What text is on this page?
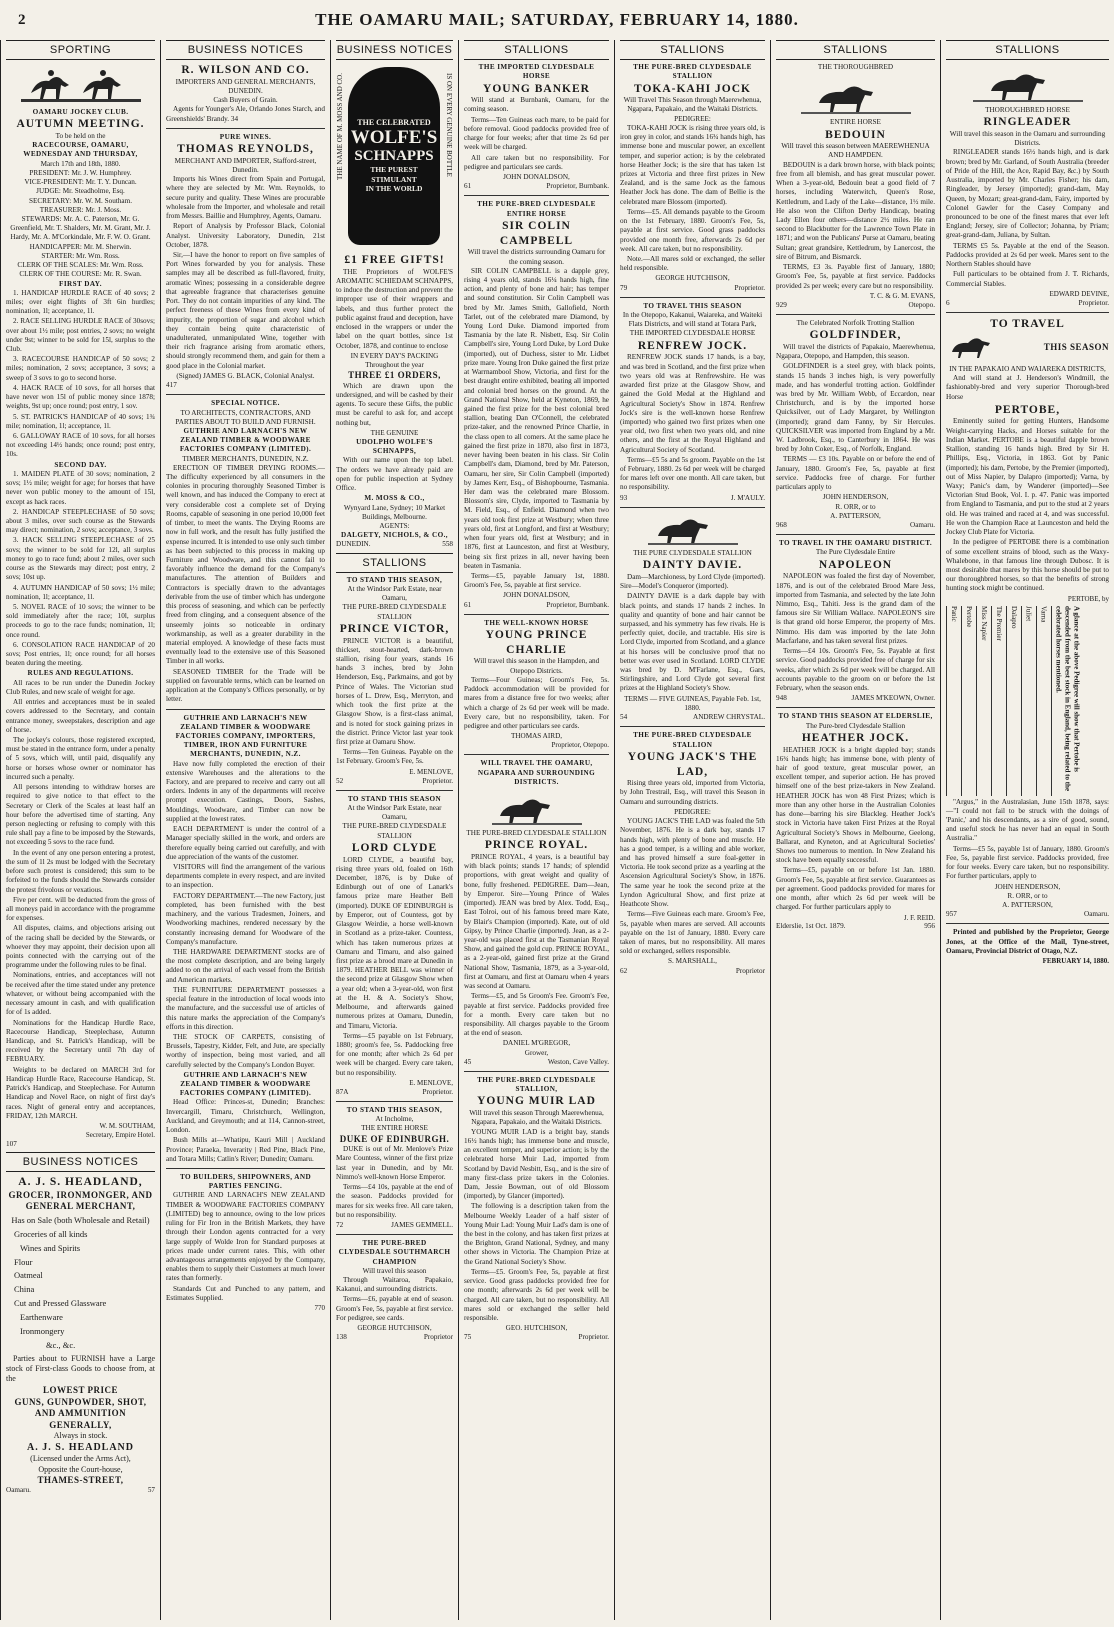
2	THE OAMARU MAIL; SATURDAY, FEBRUARY 14, 1880.
SPORTING
OAMARU JOCKEY CLUB.
AUTUMN MEETING.
To be held on the
RACECOURSE, OAMARU,
WEDNESDAY AND THURSDAY,
March 17th and 18th, 1880.
PRESIDENT: Mr. J. W. Humphrey.
VICE-PRESIDENT: Mr. T. Y. Duncan.
JUDGE: Mr. Steadholme, Esq.
SECRETARY: Mr. W. M. Southam.
TREASURER: Mr. J. Moss.
STEWARDS: Mr. A. C. Paterson, Mr. G. Greenfield, Mr. T. Shalders, Mr. M. Grant, Mr. J. Hardy, Mr. A. M'Corkindale, Mr. F. W. O. Grant.
HANDICAPPER: Mr. M. Sherwin.
STARTER: Mr. Wm. Ross.
CLERK OF THE SCALES: Mr. Wm. Ross.
CLERK OF THE COURSE: Mr. R. Swan.
FIRST DAY.

1. HANDICAP HURDLE RACE of 40 sovs; 2 miles; over eight flights of 3ft 6in hurdles; nomination, 1l; acceptance, 1l.

2. RACE SELLING HURDLE RACE of 30sovs; over about 1½ mile; post entries, 2 sovs; no weight under 9st; winner to be sold for 15l, surplus to the Club.

3. RACECOURSE HANDICAP of 50 sovs; 2 miles; nomination, 2 sovs; acceptance, 3 sovs; a sweep of 3 sovs to go to second horse.

4. HACK RACE of 10 sovs, for all horses that have never won 15l of public money since 1878; weights, 9st up; once round; post entry, 1 sov.

5. ST. PATRICK'S HANDICAP of 40 sovs; 1¾ mile; nomination, 1l; acceptance, 1l.

6. GALLOWAY RACE of 10 sovs, for all horses not exceeding 14½ hands; once round; post entry, 10s.

SECOND DAY.

1. MAIDEN PLATE of 30 sovs; nomination, 2 sovs; 1½ mile; weight for age; for horses that have never won public money to the amount of 15l, except as hack races.

2. HANDICAP STEEPLECHASE of 50 sovs; about 3 miles, over such course as the Stewards may direct; nomination, 2 sovs; acceptance, 3 sovs.

3. HACK SELLING STEEPLECHASE of 25 sovs; the winner to be sold for 12l, all surplus money to go to race fund; about 2 miles, over such course as the Stewards may direct; post entry, 2 sovs; 10st up.

4. AUTUMN HANDICAP of 50 sovs; 1½ mile; nomination, 1l; acceptance, 1l.

5. NOVEL RACE of 10 sovs; the winner to be sold immediately after the race; 10l, surplus proceeds to go to the race funds; nomination, 1l; once round.

6. CONSOLATION RACE HANDICAP of 20 sovs; Post entries, 1l; once round; for all horses beaten during the meeting.

RULES AND REGULATIONS.

All races to be run under the Dunedin Jockey Club Rules, and new scale of weight for age.

All entries and acceptances must be in sealed covers addressed to the Secretary, and contain entrance money, sweepstakes, description and age of horse.

The jockey's colours, those registered excepted, must be stated in the entrance form, under a penalty of 5 sovs, which will, until paid, disqualify any horse or horses whose owner or nominator has incurred such a penalty.

All persons intending to withdraw horses are required to give notice to that effect to the Secretary or Clerk of the Scales at least half an hour before the advertised time of starting. Any person neglecting or refusing to comply with this rule shall pay a fine to be imposed by the Stewards, not exceeding 5 sovs to the race fund.

In the event of any one person entering a protest, the sum of 1l 2s must be lodged with the Secretary before such protest is considered; this sum to be forfeited to the funds should the Stewards consider the protest frivolous or vexatious.

Five per cent. will be deducted from the gross of all moneys paid in accordance with the programme for expenses.

All disputes, claims, and objections arising out of the racing shall be decided by the Stewards, or whoever they may appoint, their decision upon all points connected with the carrying out of the programme under the following rules to be final.

Nominations, entries, and acceptances will not be received after the time stated under any pretence whatever, or without being accompanied with the necessary amount in cash, and with qualification for of 1s added.

Nominations for the Handicap Hurdle Race, Racecourse Handicap, Steeplechase, Autumn Handicap, and St. Patrick's Handicap, will be received by the Secretary until 7th day of FEBRUARY.

Weights to be declared on MARCH 3rd for Handicap Hurdle Race, Racecourse Handicap, St. Patrick's Handicap, and Steeplechase. For Autumn Handicap and Novel Race, on night of first day's races. Night of general entry and acceptances, FRIDAY, 12th MARCH.

W. M. SOUTHAM,
Secretary, Empire Hotel.
107
BUSINESS NOTICES
A. J. S. HEADLAND,
GROCER, IRONMONGER, AND GENERAL MERCHANT,
Has on Sale (both Wholesale and Retail)
Groceries of all kinds
Wines and Spirits
Flour
Oatmeal
China
Cut and Pressed Glassware
Earthenware
Ironmongery
&c., &c.

Parties about to FURNISH have a Large stock of First-class Goods to choose from, at the

LOWEST PRICE
GUNS, GUNPOWDER, SHOT, AND AMMUNITION GENERALLY,
Always in stock.
A. J. S. HEADLAND
(Licensed under the Arms Act),
Opposite the Court-house,
THAMES-STREET,
Oamaru.	57
BUSINESS NOTICES
R. WILSON AND CO.
IMPORTERS AND GENERAL MERCHANTS, DUNEDIN.
Cash Buyers of Grain.

Agents for Younger's Ale, Orlando Jones Starch, and Greenshields' Brandy. 34

PURE WINES.
THOMAS REYNOLDS,
MERCHANT AND IMPORTER, Stafford-street, Dunedin.

Imports his Wines direct from Spain and Portugal, where they are selected by Mr. Wm. Reynolds, to secure purity and quality. These Wines are procurable wholesale from the Importer, and wholesale and retail from Messrs. Baillie and Humphrey, Agents, Oamaru.

Report of Analysis by Professor Black, Colonial Analyst. University Laboratory, Dunedin, 21st October, 1878.

Sir,—I have the honor to report on five samples of Port Wines forwarded by you for analysis. These samples may all be described as full-flavored, fruity, aromatic Wines; possessing in a considerable degree that agreeable fragrance that characterises genuine Port. They do not contain impurities of any kind. The perfect freeness of these Wines from every kind of impurity, the proportion of sugar and alcohol which they contain being quite characteristic of unadulterated, unmanipulated Wine, together with their rich fragrance arising from aromatic ethers, should strongly recommend them, and gain for them a good place in the Colonial market.

(Signed) JAMES G. BLACK, Colonial Analyst.
417
SPECIAL NOTICE.
TO ARCHITECTS, CONTRACTORS, AND PARTIES ABOUT TO BUILD AND FURNISH.
GUTHRIE AND LARNACH'S NEW ZEALAND TIMBER & WOODWARE FACTORIES COMPANY (LIMITED).
TIMBER MERCHANTS, DUNEDIN, N.Z.

ERECTION OF TIMBER DRYING ROOMS.—The difficulty experienced by all consumers in the colonies in procuring thoroughly Seasoned Timber is well known, and has induced the Company to erect at very considerable cost a complete set of Drying Rooms, capable of seasoning in one period 10,000 feet of timber, to meet the wants. The Drying Rooms are now in full work, and the result has fully justified the expense incurred. It is intended to use only such timber as has been subjected to this process in making up Furniture and Woodware, and this cannot fail to favorably influence the demand for the Company's manufactures. The attention of Builders and Contractors is specially drawn to the advantages derivable from the use of timber which has undergone this process of seasoning, and which can be perfectly freed from clinging, and a consequent absence of the unseemly joints so noticeable in ordinary workmanship, as well as a greater durability in the material employed. A knowledge of these facts must eventually lead to the extensive use of this Seasoned Timber in all works.

SEASONED TIMBER for the Trade will be supplied on favourable terms, which can be learned on application at the Company's Offices personally, or by letter.

GUTHRIE AND LARNACH'S NEW ZEALAND TIMBER & WOODWARE FACTORIES COMPANY, IMPORTERS, TIMBER, IRON AND FURNITURE MERCHANTS, DUNEDIN, N.Z.

Have now fully completed the erection of their extensive Warehouses and the alterations to the Factory, and are prepared to receive and carry out all orders. Indents in any of the departments will receive prompt execution. Castings, Doors, Sashes, Mouldings, Woodware, and Timber can now be supplied at the lowest rates.

EACH DEPARTMENT is under the control of a Manager specially skilled in the work, and orders are therefore equally being carried out carefully, and with due appreciation of the wants of the customer.

VISITORS will find the arrangement of the various departments complete in every respect, and are invited to an inspection.

FACTORY DEPARTMENT.—The new Factory, just completed, has been furnished with the best machinery, and the various Tradesmen, Joiners, and Woodworking machines, rendered necessary by the constantly increasing demand for Woodware of the Company's manufacture.

THE HARDWARE DEPARTMENT stocks are of the most complete description, and are being largely added to on the arrival of each vessel from the British and American markets.

THE FURNITURE DEPARTMENT possesses a special feature in the introduction of local woods into the manufacture, and the successful use of articles of this nature marks the appreciation of the Company's efforts in this direction.

THE STOCK OF CARPETS, consisting of Brussels, Tapestry, Kidder, Felt, and Jute, are specially worthy of inspection, being most varied, and all carefully selected by the Company's London Buyer.

GUTHRIE AND LARNACH'S NEW ZEALAND TIMBER & WOODWARE FACTORIES COMPANY (LIMITED).

Head Office: Princes-st, Dunedin; Branches: Invercargill, Timaru, Christchurch, Wellington, Auckland, and Greymouth; and at 114, Cannon-street, London.

Bush Mills at—Whatipu, Kauri Mill | Auckland Province; Paraeka, Inverarity | Red Pine, Black Pine, and Totara Mills; Catlin's River; Dunedin; Oamaru.

TO BUILDERS, SHIPOWNERS, AND PARTIES FENCING.

GUTHRIE AND LARNACH'S NEW ZEALAND TIMBER & WOODWARE FACTORIES COMPANY (LIMITED) beg to announce, owing to the low prices ruling for Fir Iron in the British Markets, they have through their London agents contracted for a very large supply of Wolde Iron for Standard purposes at prices made under current rates. This, with other advantageous arrangements enjoyed by the Company, enables them to supply their Customers at much lower rates than formerly.

Standards Cut and Punched to any pattern, and Estimates Supplied.

770
BUSINESS NOTICES
THE NAME OF M. MOSS AND CO.	IS ON EVERY GENUINE BOTTLE
THE CELEBRATED
WOLFE'S
SCHNAPPS
THE PUREST STIMULANT
IN THE WORLD
£1 FREE GIFTS!

THE Proprietors of WOLFE'S AROMATIC SCHIEDAM SCHNAPPS, to induce the destruction and prevent the improper use of their wrappers and labels, and thus further protect the public against fraud and deception, have enclosed in the wrappers or under the label on the quart bottles, since 1st October, 1878, and continue to enclose

IN EVERY DAY'S PACKING
Throughout the year
THREE £1 ORDERS,

Which are drawn upon the undersigned, and will be cashed by their agents. To secure these Gifts, the public must be careful to ask for, and accept nothing but,

THE GENUINE
UDOLPHO WOLFE'S SCHNAPPS,

With our name upon the top label. The orders we have already paid are open for public inspection at Sydney Office.

M. MOSS & CO.,
Wynyard Lane, Sydney; 10 Market Buildings, Melbourne.
AGENTS:
DALGETY, NICHOLS, & CO.,
DUNEDIN.	558
STALLIONS
TO STAND THIS SEASON,
At the Windsor Park Estate, near Oamaru,
THE PURE-BRED CLYDESDALE STALLION
PRINCE VICTOR,

PRINCE VICTOR is a beautiful, thickset, stout-hearted, dark-brown stallion, rising four years, stands 16 hands 3 inches, bred by John Henderson, Esq., Parkmains, and got by Prince of Wales. The Victorian stud horses of L. Drew, Esq., Merryton, and which took the first prize at the Glasgow Show, is a first-class animal, and is noted for stock gaining prizes in the district. Prince Victor last year took first prize at Oamaru Show.

Terms—Ten Guineas. Payable on the 1st February. Groom's Fee, 5s.

E. MENLOVE,
52	Proprietor.
TO STAND THIS SEASON
At the Windsor Park Estate, near Oamaru,
THE PURE-BRED CLYDESDALE STALLION
LORD CLYDE

LORD CLYDE, a beautiful bay, rising three years old, foaled on 16th December, 1876, is by Duke of Edinburgh out of one of Lanark's famous prize mare Heather Bell (imported). DUKE OF EDINBURGH is by Emperor, out of Countess, got by Glasgow Weirdie, a horse well-known in Scotland as a prize-taker. Countess, which has taken numerous prizes at Oamaru and Timaru, and also gained first prize as a brood mare at Dunedin in 1879. HEATHER BELL was winner of the second prize at Glasgow Show when a year old; when a 3-year-old, won first at the H. & A. Society's Show, Melbourne, and afterwards gained numerous prizes at Oamaru, Dunedin, and Timaru, Victoria.

Terms—£5 payable on 1st February, 1880; groom's fee, 5s. Paddocking free for one month; after which 2s 6d per week will be charged. Every care taken, but no responsibility.

E. MENLOVE,
87A	Proprietor.
TO STAND THIS SEASON,
At Incholme,
THE ENTIRE HORSE
DUKE OF EDINBURGH.

DUKE is out of Mr. Menlove's Prize Mare Countess, winner of the first prize last year in Dunedin, and by Mr. Nimmo's well-known Horse Emperor.

Terms—£4 10s, payable at the end of the season. Paddocks provided for mares for six weeks free. All care taken, but no responsibility.

72	JAMES GEMMELL.
THE PURE-BRED CLYDESDALE SOUTHMARCH CHAMPION
Will travel this season

Through Waitaroa, Papakaio, Kakanui, and surrounding districts.

Terms—£6, payable at end of season. Groom's Fee, 5s, payable at first service. For pedigree, see cards.

GEORGE HUTCHISON,
138	Proprietor
STALLIONS
THE IMPORTED CLYDESDALE HORSE
YOUNG BANKER

Will stand at Burnbank, Oamaru, for the coming season.

Terms—Ten Guineas each mare, to be paid for before removal. Good paddocks provided free of charge for four weeks; after that time 2s 6d per week will be charged.

All care taken but no responsibility. For pedigree and particulars see cards.

JOHN DONALDSON,
61	Proprietor, Burnbank.
THE PURE-BRED CLYDESDALE ENTIRE HORSE
SIR COLIN CAMPBELL
Will travel the districts surrounding Oamaru for the coming season.

SIR COLIN CAMPBELL is a dapple grey, rising 4 years old, stands 16¼ hands high, fine action, and plenty of bone and hair; has temper and sound constitution. Sir Colin Campbell was bred by Mr. James Smith, Gallofield, North Tarlet, out of the celebrated mare Diamond, by Young Lord Duke. Diamond imported from Tasmania by the late R. Nisbett, Esq. Sir Colin Campbell's sire, Young Lord Duke, by Lord Duke (imported), out of Duchess, sister to Mr. Lidbet prize mare. Young Iron Duke gained the first prize at Warrnambool Show, Victoria, and first for the best draught entire exhibited, beating all imported and colonial bred horses on the ground. At the Grand National Show, held at Kyneton, 1869, he gained the first prize for the best colonial bred stallion, beating Dan O'Connell, the celebrated prize-taker, and the renowned Prince Charlie, in the class open to all comers. At the same place he gained the first prize in 1870, also first in 1873, never having been beaten in his class. Sir Colin Campbell's dam, Diamond, bred by Mr. Paterson, Oamaru, her sire, Sir Colin Campbell (imported) by James Kerr, Esq., of Bishopbourne, Tasmania. Her dam was the celebrated mare Blossom. Blossom's sire, Clyde, imported to Tasmania by M. Field, Esq., of Enfield. Diamond when two years old took first prize at Westbury; when three years old, first at Longford, and first at Westbury; when four years old, first at Westbury; and in 1876, first at Launceston, and first at Westbury, being six first prizes in all, never having been beaten in Tasmania.

Terms—£5, payable January 1st, 1880. Groom's Fee, 5s, payable at first service.

JOHN DONALDSON,
61	Proprietor, Burnbank.
THE WELL-KNOWN HORSE
YOUNG PRINCE CHARLIE
Will travel this season in the Hampden, and Otepopo Districts.

Terms—Four Guineas; Groom's Fee, 5s. Paddock accommodation will be provided for mares from a distance free for two weeks; after which a charge of 2s 6d per week will be made. Every care, but no responsibility, taken. For pedigree and other particulars see cards.

THOMAS AIRD,
Proprietor, Otepopo.
WILL TRAVEL THE OAMARU, NGAPARA AND SURROUNDING DISTRICTS.
THE PURE-BRED CLYDESDALE STALLION
PRINCE ROYAL.

PRINCE ROYAL, 4 years, is a beautiful bay with black points; stands 17 hands; of splendid proportions, with great weight and quality of bone, fully freshened. PEDIGREE. Dam—Jean, by Emperor. Sire—Young Prince of Wales (imported). JEAN was bred by Alex. Todd, Esq., East Tolroi, out of his famous breed mare Kate, by Blair's Champion (imported). Kate, out of old Gipsy, by Prince Charlie (imported). Jean, as a 2-year-old was placed first at the Tasmanian Royal Show, and gained the gold cup. PRINCE ROYAL, as a 2-year-old, gained first prize at the Grand National Show, Tasmania, 1879, as a 3-year-old, first at Oamaru, and first at Oamaru when 4 years was second at Oamaru.

Terms—£5, and 5s Groom's Fee. Groom's Fee, payable at first service. Paddocks provided free for a month. Every care taken but no responsibility. All charges payable to the Groom at the end of season.

DANIEL M'GREGOR,
Grower,
45	Weston, Cave Valley.
THE PURE-BRED CLYDESDALE STALLION,
YOUNG MUIR LAD
Will travel this season Through Maerewhenua, Ngapara, Papakaio, and the Waitaki Districts.

YOUNG MUIR LAD is a bright bay, stands 16½ hands high; has immense bone and muscle, an excellent temper, and superior action; is by the celebrated horse Muir Lad, imported from Scotland by David Nesbitt, Esq., and is the sire of many first-class prize takers in the Colonies. Dam, Jessie Bowman, out of old Blossom (imported), by Glancer (imported).

The following is a description taken from the Melbourne Weekly Leader of a half sister of Young Muir Lad: Young Muir Lad's dam is one of the best in the colony, and has taken first prizes at the Brighton, Grand National, Sydney, and many other shows in Victoria. The Champion Prize at the Grand National Society's Show.

Terms—£5. Groom's Fee, 5s, payable at first service. Good grass paddocks provided free for one month; afterwards 2s 6d per week will be charged. All care taken, but no responsibility. All mares sold or exchanged the seller held responsible.

GEO. HUTCHISON,
75	Proprietor.
STALLIONS
THE PURE-BRED CLYDESDALE STALLION
TOKA-KAHI JOCK
Will Travel This Season through Maerewhenua, Ngapara, Papakaio, and the Waitaki Districts.
PEDIGREE:

TOKA-KAHI JOCK is rising three years old, is iron grey in color, and stands 16¾ hands high, has immense bone and muscular power, an excellent temper, and superior action; is by the celebrated horse Heather Jock; is the sire that has taken 1st prizes at Victoria and three first prizes in New Zealand, and is the same Jock as the famous Heather Jock has done. The dam of Bellie is the celebrated mare Blossom (imported).

Terms—£5. All demands payable to the Groom on the 1st February, 1880. Groom's Fee, 5s, payable at first service. Good grass paddocks provided one month free, afterwards 2s 6d per week. All care taken, but no responsibility.

Note.—All mares sold or exchanged, the seller held responsible.

GEORGE HUTCHISON,
79	Proprietor.
TO TRAVEL THIS SEASON
In the Otepopo, Kakanui, Waiareka, and Waiteki Flats Districts, and will stand at Totara Park,
THE IMPORTED CLYDESDALE HORSE
RENFREW JOCK.

RENFREW JOCK stands 17 hands, is a bay, and was bred in Scotland, and the first prize when two years old was at Renfrewshire. He was awarded first prize at the Glasgow Show, and gained the Gold Medal at the Highland and Agricultural Society's Show in 1874. Renfrew Jock's sire is the well-known horse Renfrew (imported) who gained two first prizes when one year old, two first when two years old, and nine others, and the first at the Royal Highland and Agricultural Society of Scotland.

Terms—£5 5s and 5s groom. Payable on the 1st of February, 1880. 2s 6d per week will be charged for mares left over one month. All care taken, but no responsibility.

93	J. M'AULY.
THE PURE CLYDESDALE STALLION
DAINTY DAVIE.

Dam—Marchioness, by Lord Clyde (imported). Sire—Model's Conqueror (imported).

DAINTY DAVIE is a dark dapple bay with black points, and stands 17 hands 2 inches. In quality and quantity of bone and hair cannot be surpassed, and his symmetry has few rivals. He is perfectly quiet, docile, and tractable. His sire is Lord Clyde, imported from Scotland, and a glance at his horses will be conclusive proof that no better was ever used in Scotland. LORD CLYDE was bred by D. M'Farlane, Esq., Gars, Stirlingshire, and Lord Clyde got several first prizes at the Highland Society's Show.

TERMS — FIVE GUINEAS, Payable Feb. 1st, 1880.
54	ANDREW CHRYSTAL.
THE PURE-BRED CLYDESDALE STALLION
YOUNG JACK'S THE LAD,

Rising three years old, imported from Victoria, by John Trestrail, Esq., will travel this Season in Oamaru and surrounding districts.

PEDIGREE:

YOUNG JACK'S THE LAD was foaled the 5th November, 1876. He is a dark bay, stands 17 hands high, with plenty of bone and muscle. He has a good temper, is a willing and able worker, and has proved himself a sure foal-getter in Victoria. He took second prize as a yearling at the Ascension Agricultural Society's Show, in 1876. The same year he took the second prize at the Lyndon Agricultural Show, and first prize at Heathcote Show.

Terms—Five Guineas each mare. Groom's Fee, 5s, payable when mares are served. All accounts payable on the 1st of January, 1880. Every care taken of mares, but no responsibility. All mares sold or exchanged, sellers responsible.

S. MARSHALL,
62	Proprietor
STALLIONS
THE THOROUGHBRED
ENTIRE HORSE
BEDOUIN
Will travel this season between MAEREWHENUA AND HAMPDEN.

BEDOUIN is a dark brown horse, with black points; free from all blemish, and has great muscular power. When a 3-year-old, Bedouin beat a good field of 7 horses, including Waterwitch, Queen's Rose, Kettledrum, and Lady of the Lake—distance, 1½ mile. He also won the Clifton Derby Handicap, beating Lady Ellen four others—distance 2½ miles. He ran second to Blackbutter for the Lawrence Town Plate in 1871; and won the Publicans' Purse at Oamaru, beating Sultan; great grandsire, Kettledrum, by Lanercost, the sire of Bitrum, and Bismarck.

TERMS, £3 3s. Payable first of January, 1880; Groom's Fee, 5s, payable at first service. Paddocks provided 2s per week; every care but no responsibility.

T. C. & G. M. EVANS,
929	Otepopo.
The Celebrated Norfolk Trotting Stallion
GOLDFINDER,

Will travel the districts of Papakaio, Maerewhenua, Ngapara, Otepopo, and Hampden, this season.

GOLDFINDER is a steel grey, with black points, stands 15 hands 3 inches high, is very powerfully made, and has wonderful trotting action. Goldfinder was bred by Mr. William Webb, of Eccardon, near Christchurch, and is by the imported horse Quicksilver, out of Lady Margaret, by Wellington (imported); grand dam Fanny, by Sir Hercules. QUICKSILVER was imported from England by a Mr. W. Ladbrook, Esq., to Canterbury in 1864. He was bred by John Coker, Esq., of Norfolk, England.

TERMS — £3 10s. Payable on or before the end of January, 1880. Groom's Fee, 5s, payable at first service. Paddocks free of charge. For further particulars apply to

JOHN HENDERSON,
R. ORR, or to
A. PATTERSON,
968	Oamaru.
TO TRAVEL IN THE OAMARU DISTRICT.
The Pure Clydesdale Entire
NAPOLEON

NAPOLEON was foaled the first day of November, 1876, and is out of the celebrated Brood Mare Jess, imported from Tasmania, and selected by the late John Nimmo, Esq., Tahiti. Jess is the grand dam of the famous sire Sir William Wallace. NAPOLEON'S sire is that grand old horse Emperor, the property of Mrs. Nimmo. His dam was imported by the late John Macfarlane, and has taken several first prizes.

Terms—£4 10s. Groom's Fee, 5s. Payable at first service. Good paddocks provided free of charge for six weeks, after which 2s 6d per week will be charged. All accounts payable to the groom on or before the 1st February, when the season ends.

948	JAMES M'KEOWN, Owner.
TO STAND THIS SEASON AT ELDERSLIE,
The Pure-bred Clydesdale Stallion
HEATHER JOCK.

HEATHER JOCK is a bright dappled bay; stands 16¾ hands high; has immense bone, with plenty of hair of good texture, great muscular power, an excellent temper, and superior action. He has proved himself one of the best prize-takers in New Zealand. HEATHER JOCK has won 48 First Prizes; which is more than any other horse in the Australian Colonies has done—barring his sire Blackleg. Heather Jock's stock in Victoria have taken First Prizes at the Royal Agricultural Society's Shows in Melbourne, Geelong, Ballarat, and Kyneton, and at Agricultural Societies' Shows too numerous to mention. In New Zealand his stock have been equally successful.

Terms—£5, payable on or before 1st Jan. 1880. Groom's Fee, 5s, payable at first service. Guarantees as per agreement. Good paddocks provided for mares for one month, after which 2s 6d per week will be charged. For further particulars apply to

J. F. REID.
Elderslie, 1st Oct. 1879.	956
STALLIONS
THOROUGHBRED HORSE
RINGLEADER
Will travel this season in the Oamaru and surrounding Districts.

RINGLEADER stands 16½ hands high, and is dark brown; bred by Mr. Garland, of South Australia (breeder of Pride of the Hill, the Ace, Rapid Bay, &c.) by South Australia, imported by Mr. Charles Fisher; his dam, Ringleader, by Jersey (imported); grand-dam, May Queen, by Mozart; great-grand-dam, Fairy, imported by Colonel Gawler for the Casey Company and pronounced to be one of the finest mares that ever left England; Jersey, sire of Collector; Johanna, by Priam; great-grand-dam, Juliana, by Sultan.

TERMS £5 5s. Payable at the end of the Season. Paddocks provided at 2s 6d per week. Mares sent to the Northern Stables should have

Full particulars to be obtained from J. T. Richards, Commercial Stables.

EDWARD DEVINE,
6	Proprietor.
TO TRAVEL
THIS SEASON
IN THE PAPAKAIO AND WAIAREKA DISTRICTS,

And will stand at J. Henderson's Windmill, the fashionably-bred and very superior Thorough-bred Horse

PERTOBE,

Eminently suited for getting Hunters, Handsome Weight-carrying Hacks, and Horses suitable for the Indian Market. PERTOBE is a beautiful dapple brown Stallion, standing 16 hands high. Bred by Sir H. Phillips, Esq., Victoria, in 1863. Got by Panic (imported); his dam, Pertobe, by the Premier (imported), out of Miss Napier, by Dalapro (imported); Varna, by Waxy; Panic's dam, by Wanderer (imported)—See Victorian Stud Book, Vol. I. p. 47. Panic was imported from England to Tasmania, and put to the stud at 2 years old. He was trained and raced at 4, and was successful. He won the Champion Race at Launceston and held the Jockey Club Plate for Victoria.

In the pedigree of PERTOBE there is a combination of some excellent strains of blood, such as the Waxy-Whalebone, in that famous line through Dubosc. It is most desirable that mares by this horse should be put to our thoroughbred horses, so that the benefits of strong hunting stock might be continued.

PERTOBE, by
Panic Pertobe Miss Napier The Premier Dalapro Juliet Varna	A glance at the above Pedigree will show that Pertobe is descended from the best stock in England, being related to the celebrated horses mentioned.

"Argus," in the Australasian, June 15th 1878, says:—"I could not fail to be struck with the doings of 'Panic,' and his descendants, as a sire of good, sound, and useful stock he has never had an equal in South Australia."

Terms—£5 5s, payable 1st of January, 1880. Groom's Fee, 5s, payable first service. Paddocks provided, free for four weeks. Every care taken, but no responsibility. For further particulars, apply to

JOHN HENDERSON,
R. ORR, or to
A. PATTERSON,
957	Oamaru.

Printed and published by the Proprietor, George Jones, at the Office of the Mail, Tyne-street, Oamaru, Provincial District of Otago, N.Z.

FEBRUARY 14, 1880.
